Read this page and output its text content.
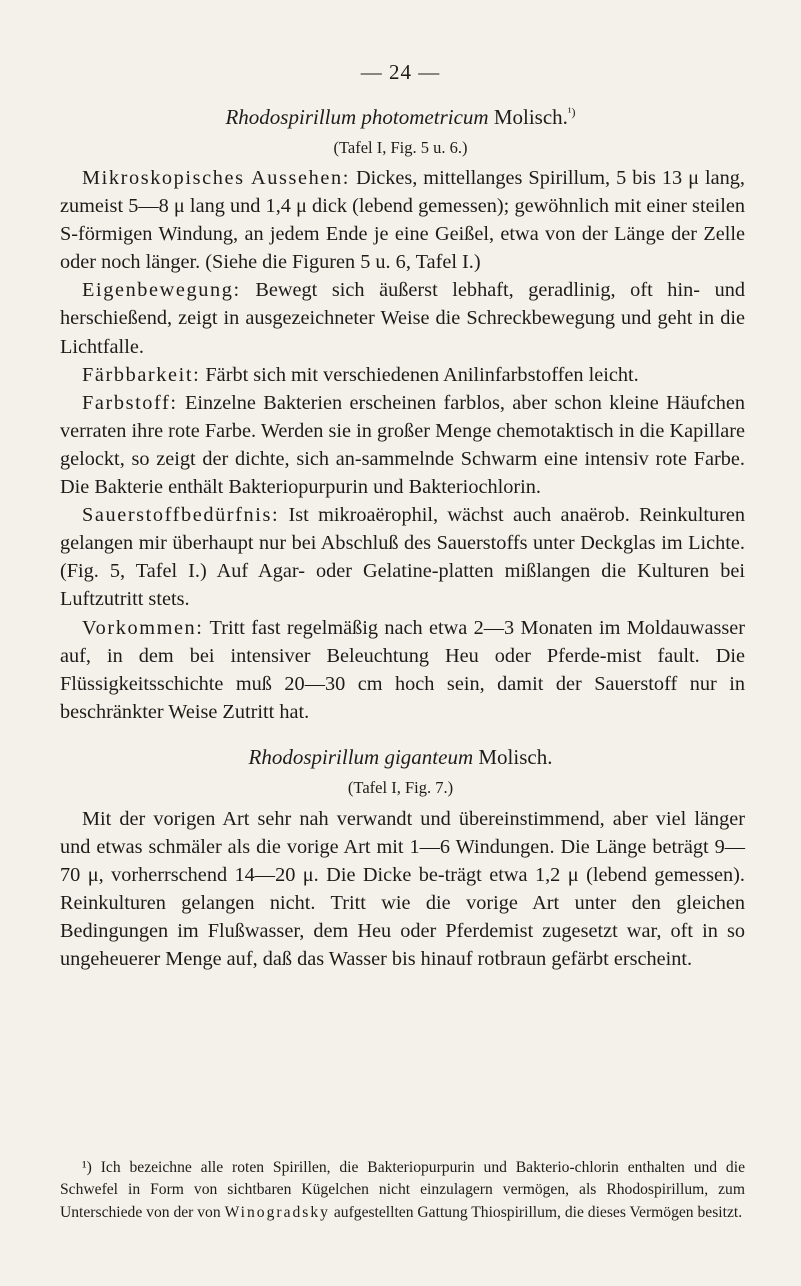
— 24 —
Rhodospirillum photometricum Molisch.$^{^1)}$
(Tafel I, Fig. 5 u. 6.)

Mikroskopisches Aussehen: Dickes, mittellanges Spirillum, 5 bis 13 μ lang, zumeist 5—8 μ lang und 1,4 μ dick (lebend gemessen); gewöhnlich mit einer steilen S-förmigen Windung, an jedem Ende je eine Geißel, etwa von der Länge der Zelle oder noch länger. (Siehe die Figuren 5 u. 6, Tafel I.)

Eigenbewegung: Bewegt sich äußerst lebhaft, geradlinig, oft hin- und herschießend, zeigt in ausgezeichneter Weise die Schreckbewegung und geht in die Lichtfalle.

Färbbarkeit: Färbt sich mit verschiedenen Anilinfarbstoffen leicht.

Farbstoff: Einzelne Bakterien erscheinen farblos, aber schon kleine Häufchen verraten ihre rote Farbe. Werden sie in großer Menge chemotaktisch in die Kapillare gelockt, so zeigt der dichte, sich an-sammelnde Schwarm eine intensiv rote Farbe. Die Bakterie enthält Bakteriopurpurin und Bakteriochlorin.

Sauerstoffbedürfnis: Ist mikroaërophil, wächst auch anaërob. Reinkulturen gelangen mir überhaupt nur bei Abschluß des Sauerstoffs unter Deckglas im Lichte. (Fig. 5, Tafel I.) Auf Agar- oder Gelatine-platten mißlangen die Kulturen bei Luftzutritt stets.

Vorkommen: Tritt fast regelmäßig nach etwa 2—3 Monaten im Moldauwasser auf, in dem bei intensiver Beleuchtung Heu oder Pferde-mist fault. Die Flüssigkeitsschichte muß 20—30 cm hoch sein, damit der Sauerstoff nur in beschränkter Weise Zutritt hat.

Rhodospirillum giganteum Molisch.
(Tafel I, Fig. 7.)

Mit der vorigen Art sehr nah verwandt und übereinstimmend, aber viel länger und etwas schmäler als die vorige Art mit 1—6 Windungen. Die Länge beträgt 9—70 μ, vorherrschend 14—20 μ. Die Dicke be-trägt etwa 1,2 μ (lebend gemessen). Reinkulturen gelangen nicht. Tritt wie die vorige Art unter den gleichen Bedingungen im Flußwasser, dem Heu oder Pferdemist zugesetzt war, oft in so ungeheuerer Menge auf, daß das Wasser bis hinauf rotbraun gefärbt erscheint.

¹) Ich bezeichne alle roten Spirillen, die Bakteriopurpurin und Bakterio-chlorin enthalten und die Schwefel in Form von sichtbaren Kügelchen nicht einzulagern vermögen, als Rhodospirillum, zum Unterschiede von der von Winogradsky aufgestellten Gattung Thiospirillum, die dieses Vermögen besitzt.
